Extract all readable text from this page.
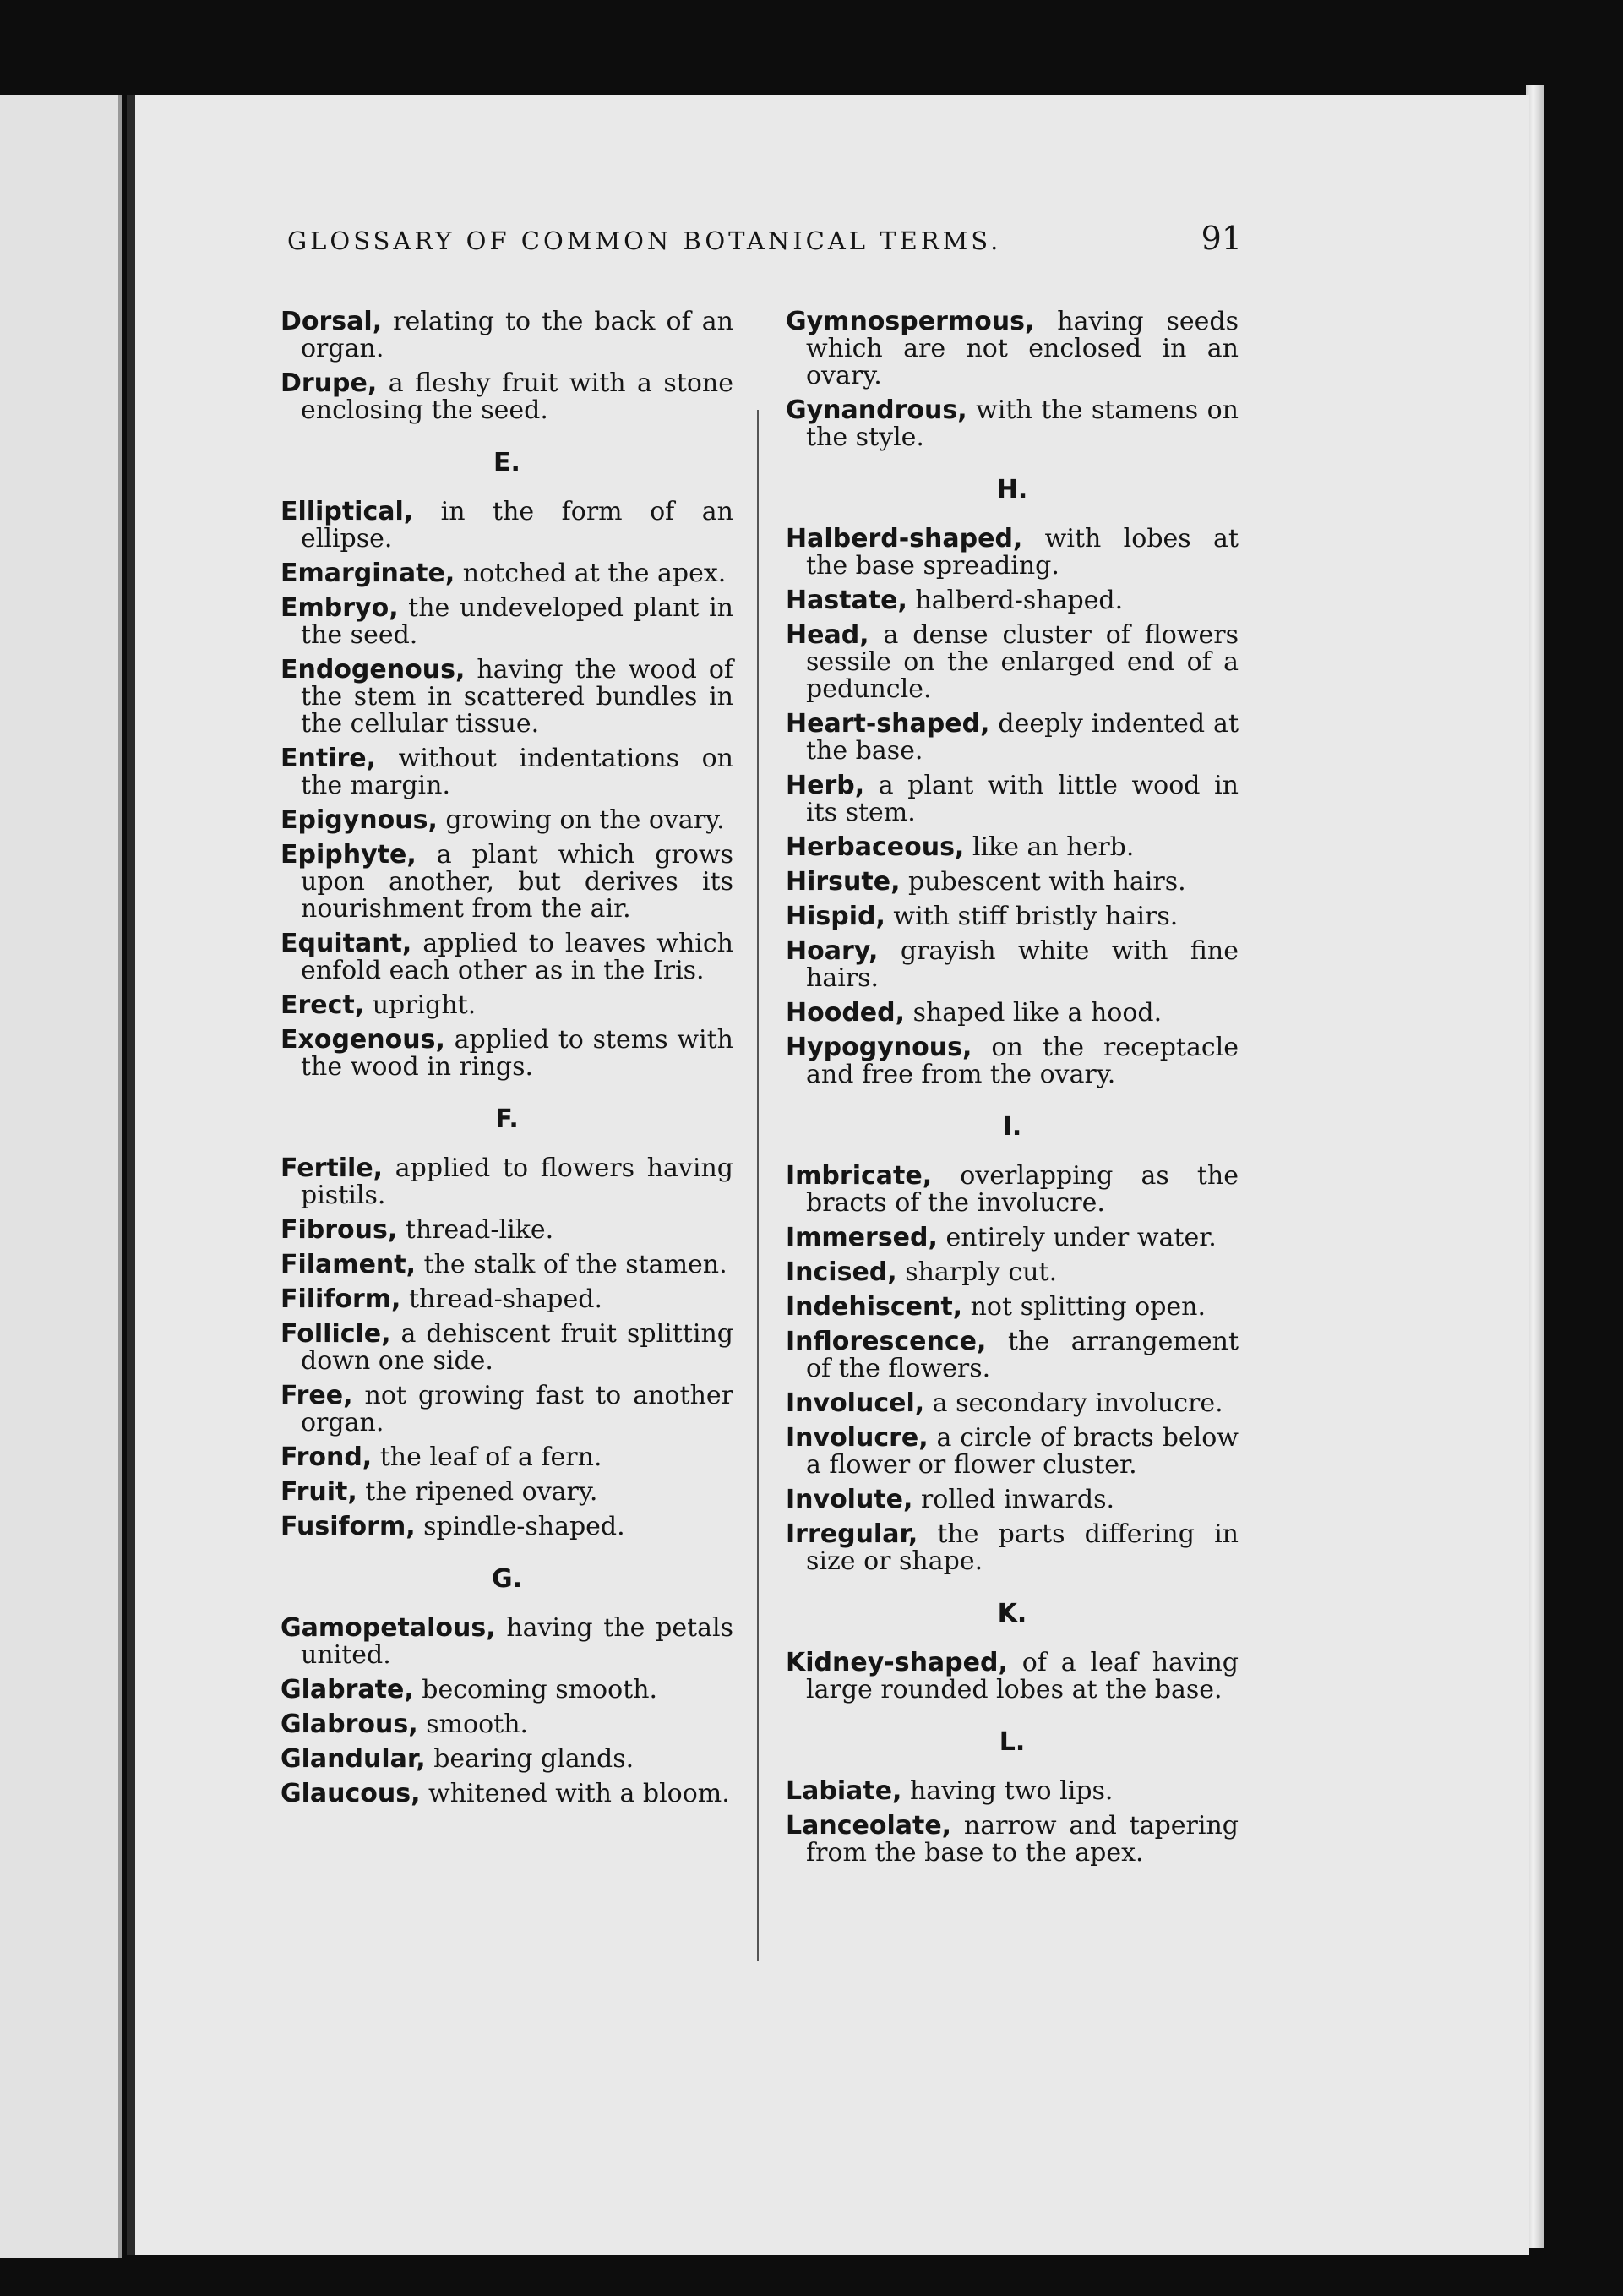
GLOSSARY OF COMMON BOTANICAL TERMS.	91

Dorsal, relating to the back of an organ.

Drupe, a fleshy fruit with a stone enclosing the seed.

E.

Elliptical, in the form of an ellipse.

Emarginate, notched at the apex.

Embryo, the undeveloped plant in the seed.

Endogenous, having the wood of the stem in scattered bundles in the cellular tissue.

Entire, without indentations on the margin.

Epigynous, growing on the ovary.

Epiphyte, a plant which grows upon another, but derives its nourishment from the air.

Equitant, applied to leaves which enfold each other as in the Iris.

Erect, upright.

Exogenous, applied to stems with the wood in rings.

F.

Fertile, applied to flowers having pistils.

Fibrous, thread-like.

Filament, the stalk of the stamen.

Filiform, thread-shaped.

Follicle, a dehiscent fruit splitting down one side.

Free, not growing fast to another organ.

Frond, the leaf of a fern.

Fruit, the ripened ovary.

Fusiform, spindle-shaped.

G.

Gamopetalous, having the petals united.

Glabrate, becoming smooth.

Glabrous, smooth.

Glandular, bearing glands.

Glaucous, whitened with a bloom.

Gymnospermous, having seeds which are not enclosed in an ovary.

Gynandrous, with the stamens on the style.

H.

Halberd-shaped, with lobes at the base spreading.

Hastate, halberd-shaped.

Head, a dense cluster of flowers sessile on the enlarged end of a peduncle.

Heart-shaped, deeply indented at the base.

Herb, a plant with little wood in its stem.

Herbaceous, like an herb.

Hirsute, pubescent with hairs.

Hispid, with stiff bristly hairs.

Hoary, grayish white with fine hairs.

Hooded, shaped like a hood.

Hypogynous, on the receptacle and free from the ovary.

I.

Imbricate, overlapping as the bracts of the involucre.

Immersed, entirely under water.

Incised, sharply cut.

Indehiscent, not splitting open.

Inflorescence, the arrangement of the flowers.

Involucel, a secondary involucre.

Involucre, a circle of bracts below a flower or flower cluster.

Involute, rolled inwards.

Irregular, the parts differing in size or shape.

K.

Kidney-shaped, of a leaf having large rounded lobes at the base.

L.

Labiate, having two lips.

Lanceolate, narrow and tapering from the base to the apex.
